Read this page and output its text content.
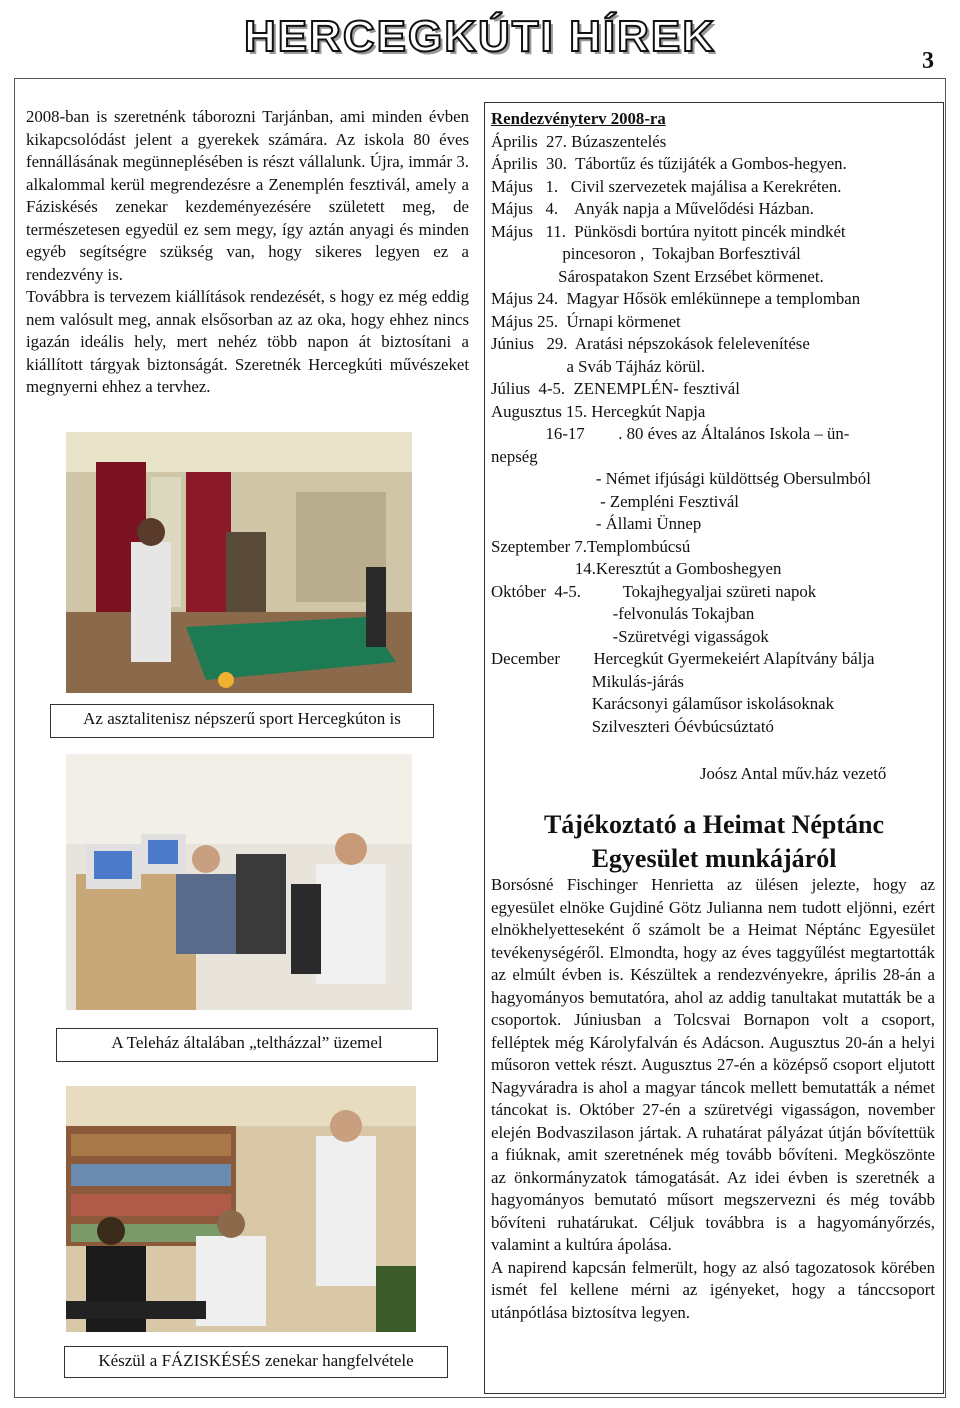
HERCEGKÚTI HÍREK	3

2008-ban is szeretnénk táborozni Tarjánban, ami minden évben kikapcsolódást jelent a gyerekek számára. Az iskola 80 éves fennállásának megünneplésében is részt vállalunk. Újra, immár 3. alkalommal kerül megrendezésre a Zenemplén fesztivál, amely a Fáziskésés zenekar kezdeményezésére született meg, de természetesen egyedül ez sem megy, így aztán anyagi és minden egyéb segítségre szükség van, hogy sikeres legyen ez a rendezvény is.

Továbbra is tervezem kiállítások rendezését, s hogy ez még eddig nem valósult meg, annak elsősorban az az oka, hogy ehhez nincs igazán ideális hely, mert nehéz több napon át biztosítani a kiállított tárgyak biztonságát. Szeretnék Hercegkúti művészeket megnyerni ehhez a tervhez.

Az asztalitenisz népszerű sport Hercegkúton is
A Teleház általában „teltházzal” üzemel
Készül a FÁZISKÉSÉS zenekar hangfelvétele
Rendezvényterv 2008-ra
Április  27. Búzaszentelés
Április  30.  Tábortűz és tűzijáték a Gombos-hegyen.
Május   1.   Civil szervezetek majálisa a Kerekréten.
Május   4.    Anyák napja a Művelődési Házban.
Május   11.  Pünkösdi bortúra nyitott pincék mindkét
pincesoron ,  Tokajban Borfesztivál
Sárospatakon Szent Erzsébet körmenet.
Május 24.  Magyar Hősök emlékünnepe a templomban
Május 25.  Úrnapi körmenet
Június   29.  Aratási népszokások felelevenítése
a Sváb Tájház körül.
Július  4-5.  ZENEMPLÉN- fesztivál
Augusztus 15. Hercegkút Napja
16-17        . 80 éves az Általános Iskola – ün-
nepség
- Német ifjúsági küldöttség Obersulmból
- Zempléni Fesztivál
- Állami Ünnep
Szeptember 7.Templombúcsú
14.Keresztút a Gomboshegyen
Október  4-5.          Tokajhegyaljai szüreti napok
-felvonulás Tokajban
-Szüretvégi vigasságok
December        Hercegkút Gyermekeiért Alapítvány bálja
Mikulás-járás
Karácsonyi gálaműsor iskolásoknak
Szilveszteri Óévbúcsúztató
Joósz Antal műv.ház vezető
Tájékoztató a Heimat Néptánc Egyesület munkájáról

Borsósné Fischinger Henrietta az ülésen jelezte, hogy az egyesület elnöke Gujdiné Götz Julianna nem tudott eljönni, ezért elnökhelyetteseként ő számolt be a Heimat Néptánc Egyesület tevékenységéről. Elmondta, hogy az éves taggyűlést megtartották az elmúlt évben is. Készültek a rendezvényekre, április 28-án a hagyományos bemutatóra, ahol az addig tanultakat mutatták be a csoportok. Júniusban a Tolcsvai Bornapon volt a csoport, felléptek még Károlyfalván és Adácson. Augusztus 20-án a helyi műsoron vettek részt. Augusztus 27-én a középső csoport eljutott Nagyváradra is ahol a magyar táncok mellett bemutatták a német táncokat is. Október 27-én a szüretvégi vigasságon, november elején Bodvaszilason jártak. A ruhatárat pályázat útján bővítettük a fiúknak, amit szeretnének még tovább bővíteni. Megköszönte az önkormányzatok támogatását. Az idei évben is szeretnék a hagyományos bemutató műsort megszervezni és még tovább bővíteni ruhatárukat. Céljuk továbbra is a hagyományőrzés, valamint a kultúra ápolása.

A napirend kapcsán felmerült, hogy az alsó tagozatosok körében ismét fel kellene mérni az igényeket, hogy a tánccsoport utánpótlása biztosítva legyen.
